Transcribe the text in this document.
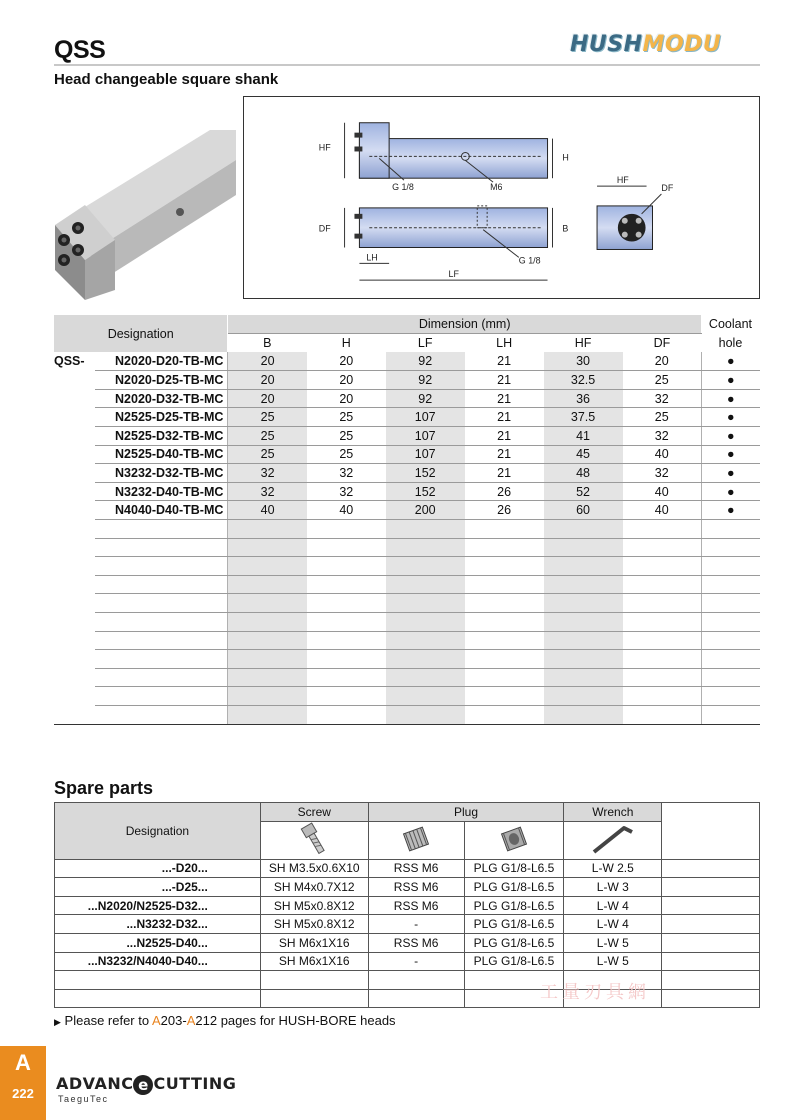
QSS
Head changeable square shank
HUSHMODU
HF
H
G 1/8	M6
DF	B
LH
LF
G 1/8
HF
DF
Designation		Dimension (mm)						Coolant
		B	H	LF	LH	HF	DF	hole
QSS-	N2020-D20-TB-MC	20	20	92	21	30	20	●
	N2020-D25-TB-MC	20	20	92	21	32.5	25	●
	N2020-D32-TB-MC	20	20	92	21	36	32	●
	N2525-D25-TB-MC	25	25	107	21	37.5	25	●
	N2525-D32-TB-MC	25	25	107	21	41	32	●
	N2525-D40-TB-MC	25	25	107	21	45	40	●
	N3232-D32-TB-MC	32	32	152	21	48	32	●
	N3232-D40-TB-MC	32	32	152	26	52	40	●
	N4040-D40-TB-MC	40	40	200	26	60	40	●

Spare parts
Designation	Screw	Plug		Wrench	

...-D20...	SH M3.5x0.6X10	RSS M6	PLG G1/8-L6.5	L-W 2.5	
...-D25...	SH M4x0.7X12	RSS M6	PLG G1/8-L6.5	L-W 3	
...N2020/N2525-D32...	SH M5x0.8X12	RSS M6	PLG G1/8-L6.5	L-W 4	
...N3232-D32...	SH M5x0.8X12	-	PLG G1/8-L6.5	L-W 4	
...N2525-D40...	SH M6x1X16	RSS M6	PLG G1/8-L6.5	L-W 5	
...N3232/N4040-D40...	SH M6x1X16	-	PLG G1/8-L6.5	L-W 5	

工量刃具網
▶ Please refer to A203-A212 pages for HUSH-BORE heads
A
222
ADVANC e CUTTING
TaeguTec
